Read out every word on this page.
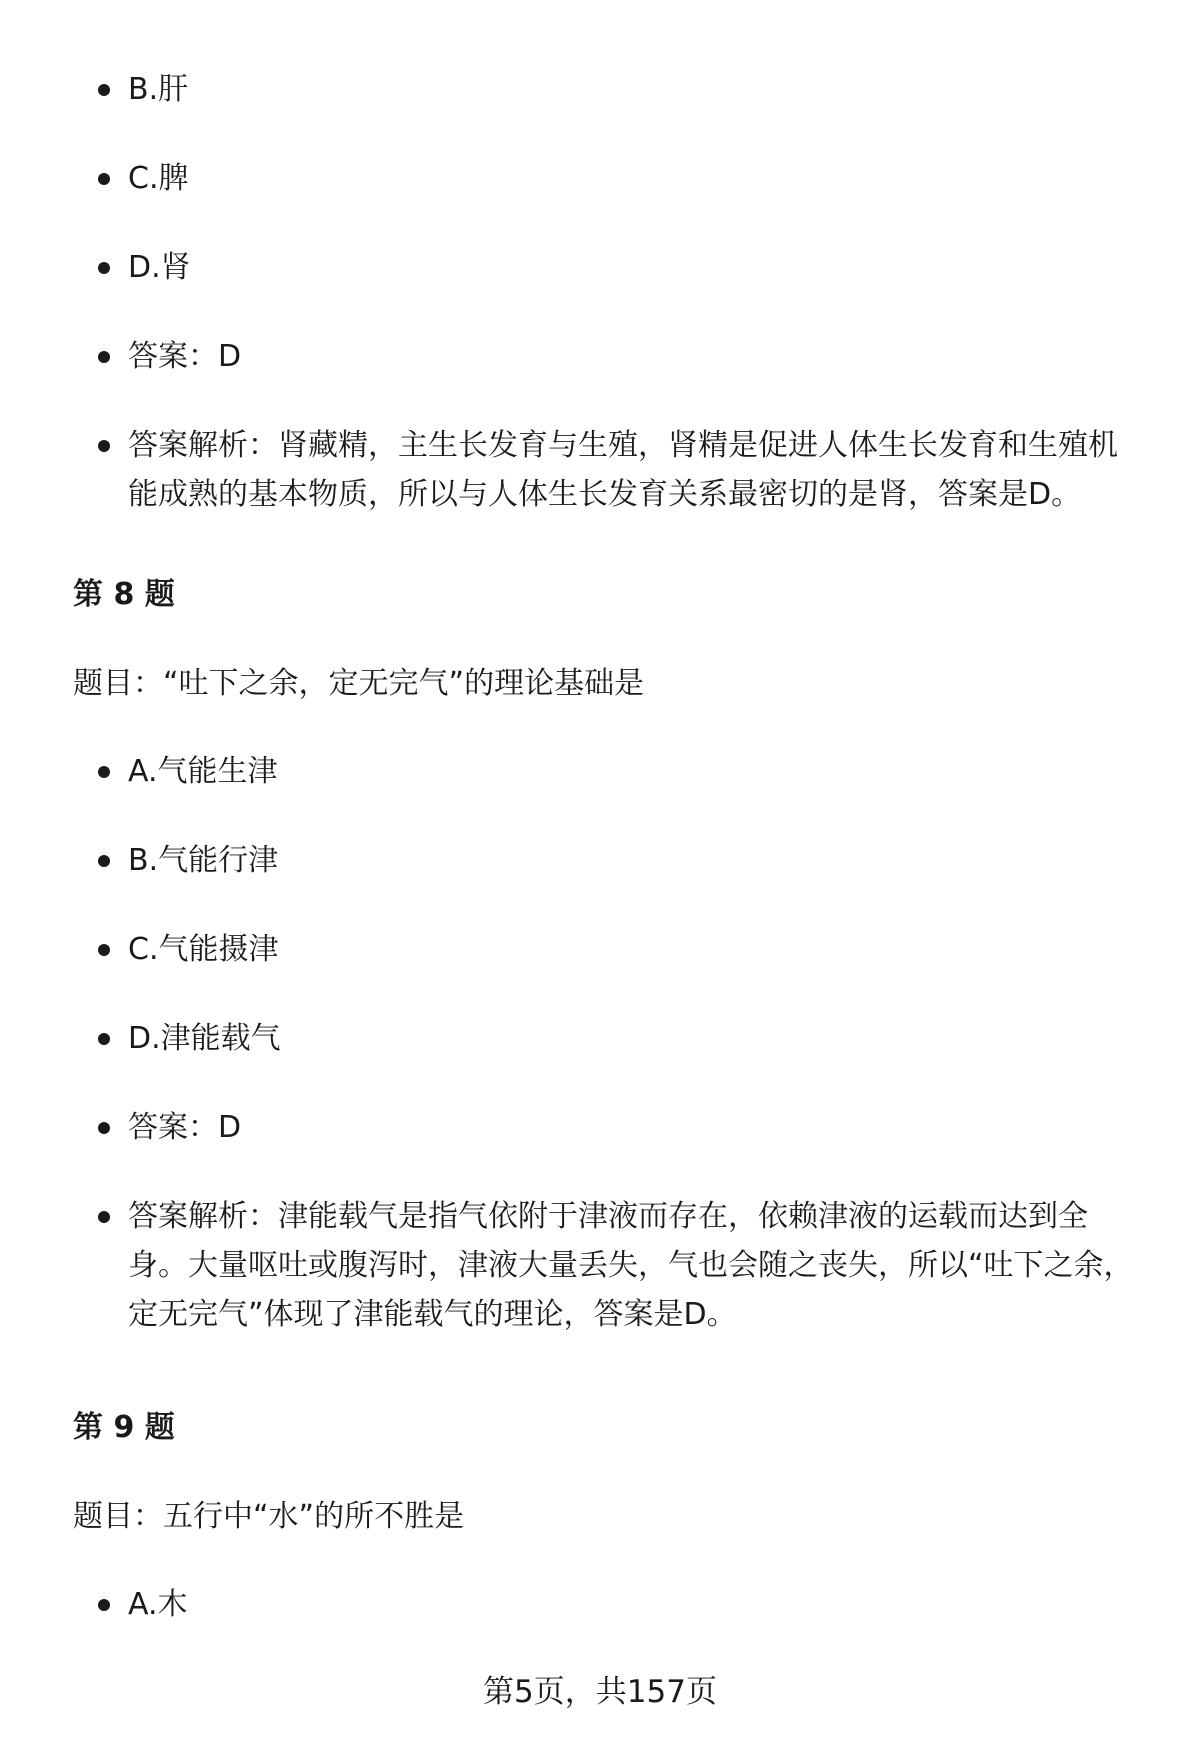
B.肝
C.脾
D.肾
答案：D
答案解析：肾藏精，主生长发育与生殖，肾精是促进人体生长发育和生殖机能成熟的基本物质，所以与人体生长发育关系最密切的是肾，答案是D。
第 8 题
题目：“吐下之余，定无完气”的理论基础是
A.气能生津
B.气能行津
C.气能摄津
D.津能载气
答案：D
答案解析：津能载气是指气依附于津液而存在，依赖津液的运载而达到全身。大量呕吐或腹泻时，津液大量丢失，气也会随之丧失，所以“吐下之余，定无完气”体现了津能载气的理论，答案是D。
第 9 题
题目：五行中“水”的所不胜是
A.木
第5页，共157页
